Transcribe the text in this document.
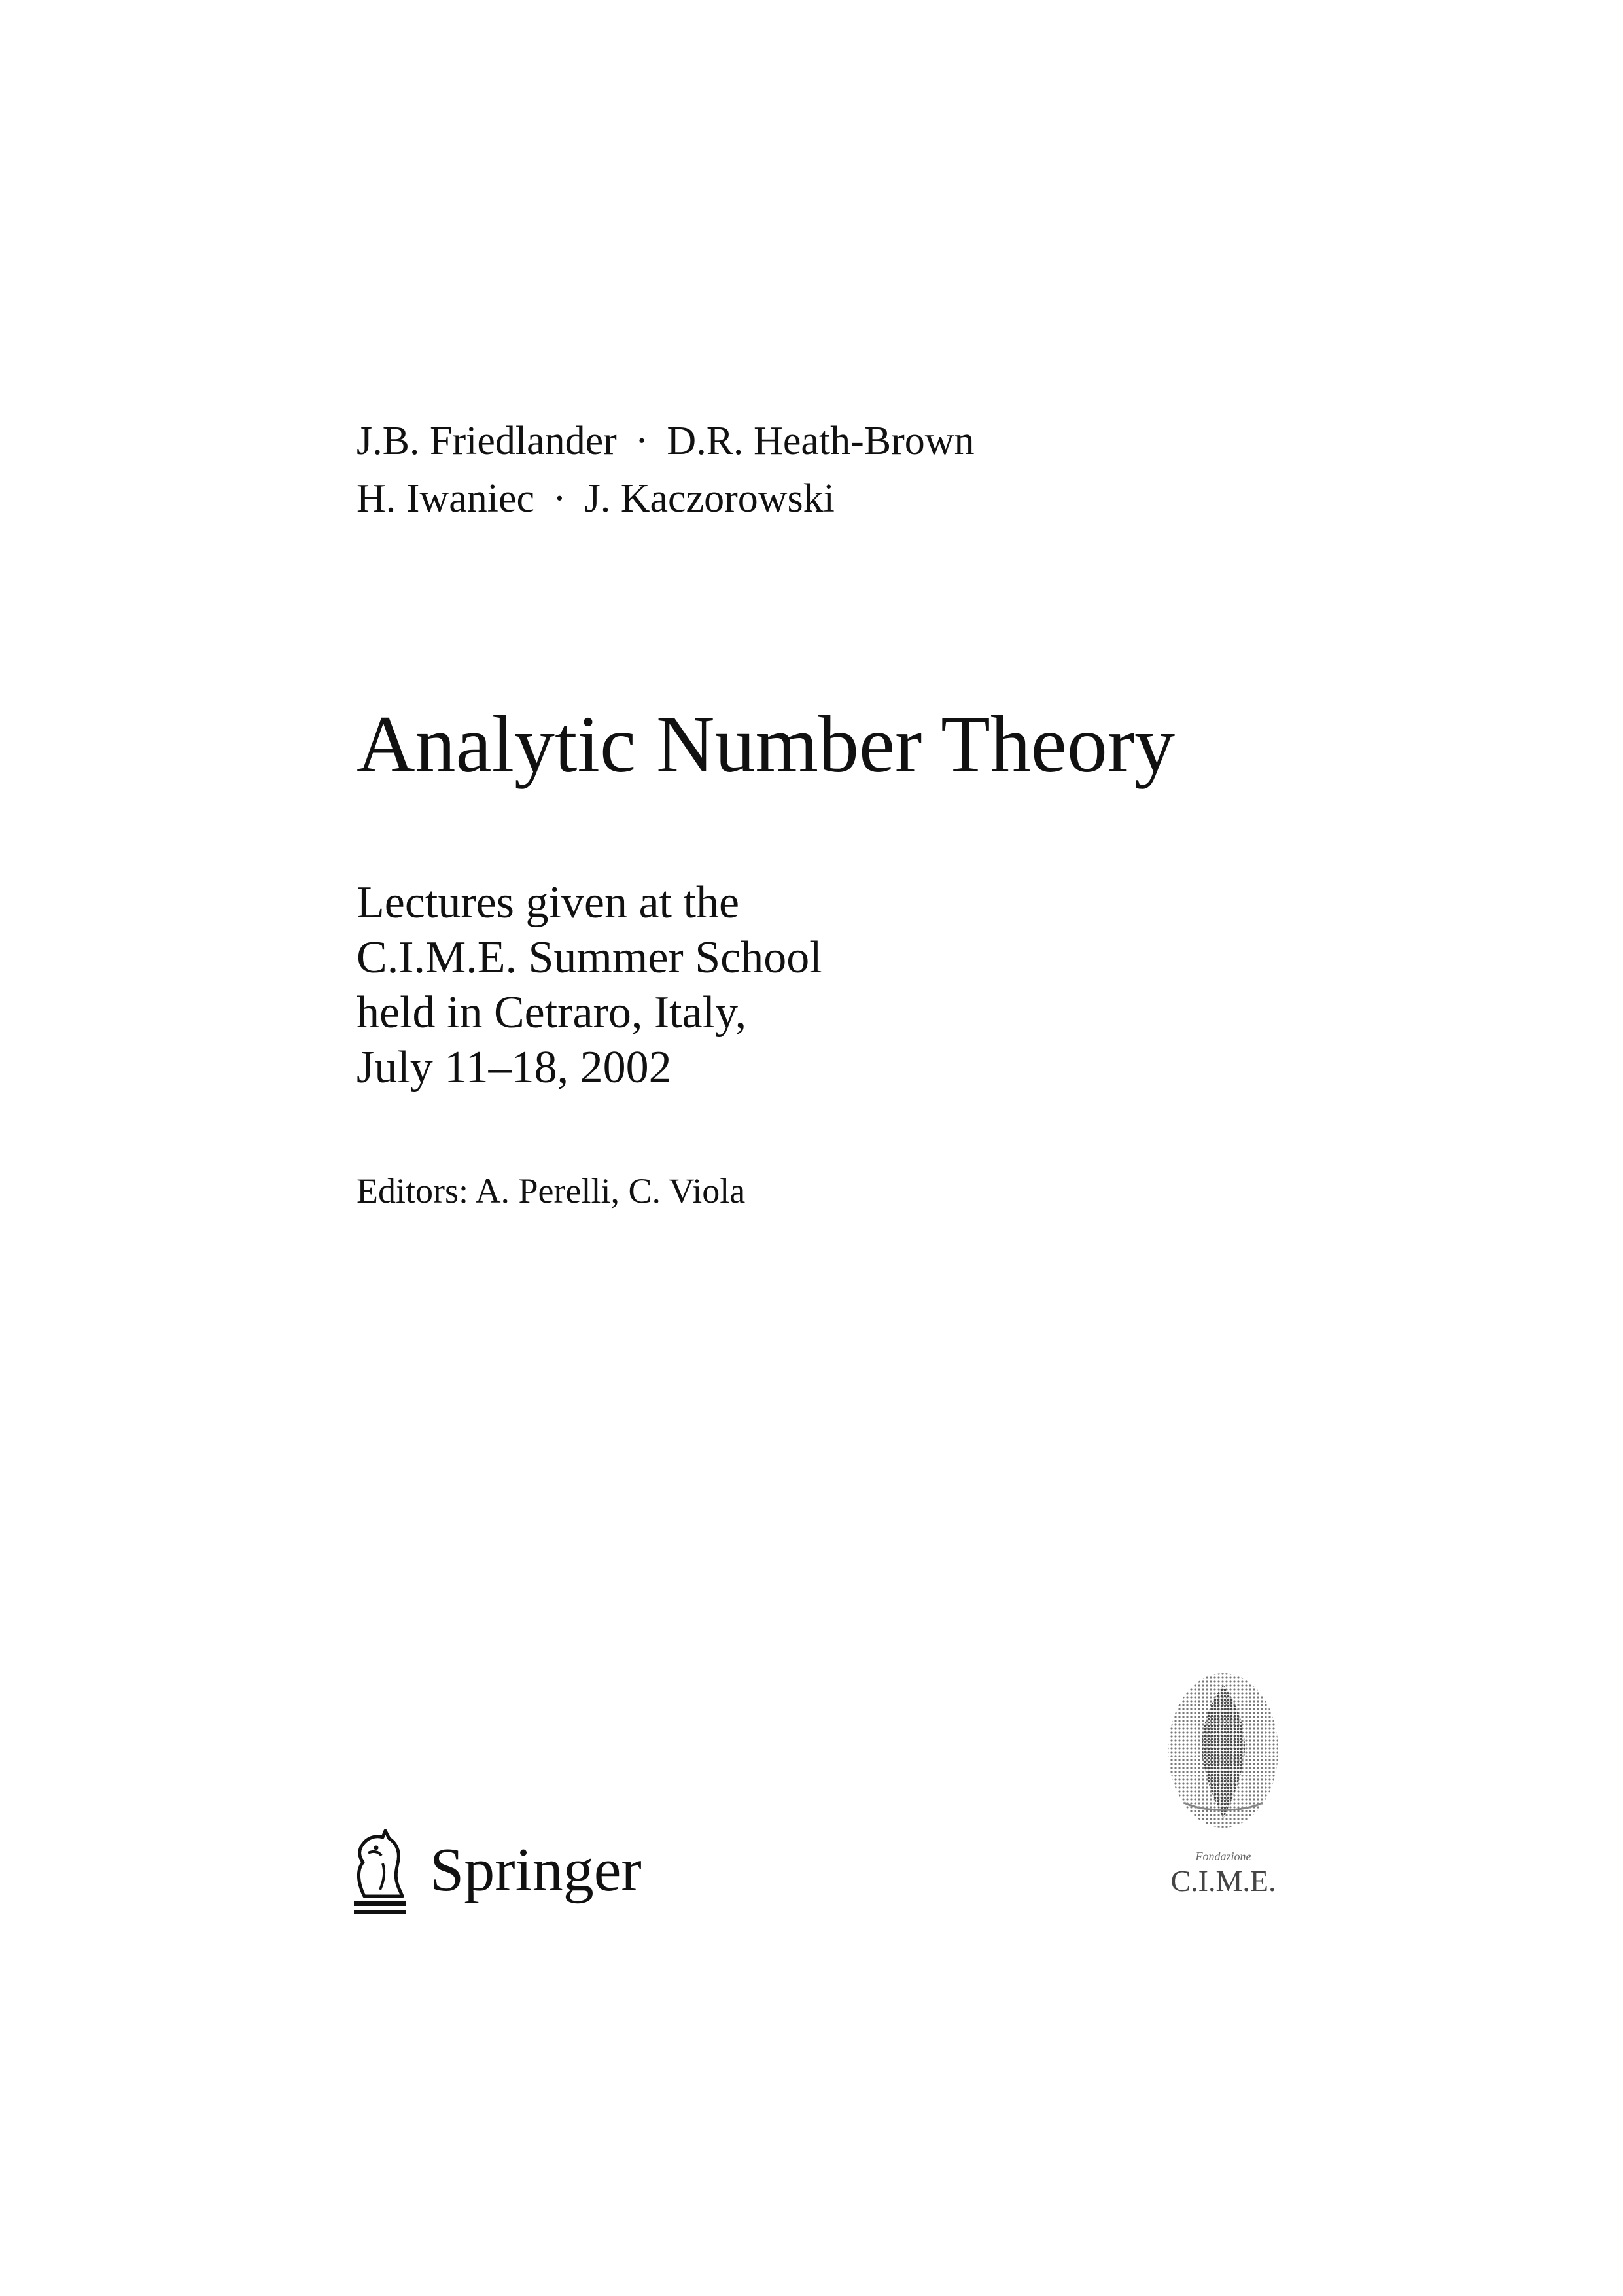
J.B. Friedlander · D.R. Heath-Brown
H. Iwaniec · J. Kaczorowski
Analytic Number Theory
Lectures given at the
C.I.M.E. Summer School
held in Cetraro, Italy,
July 11–18, 2002
Editors: A. Perelli, C. Viola
Springer	Fondazione
C.I.M.E.
